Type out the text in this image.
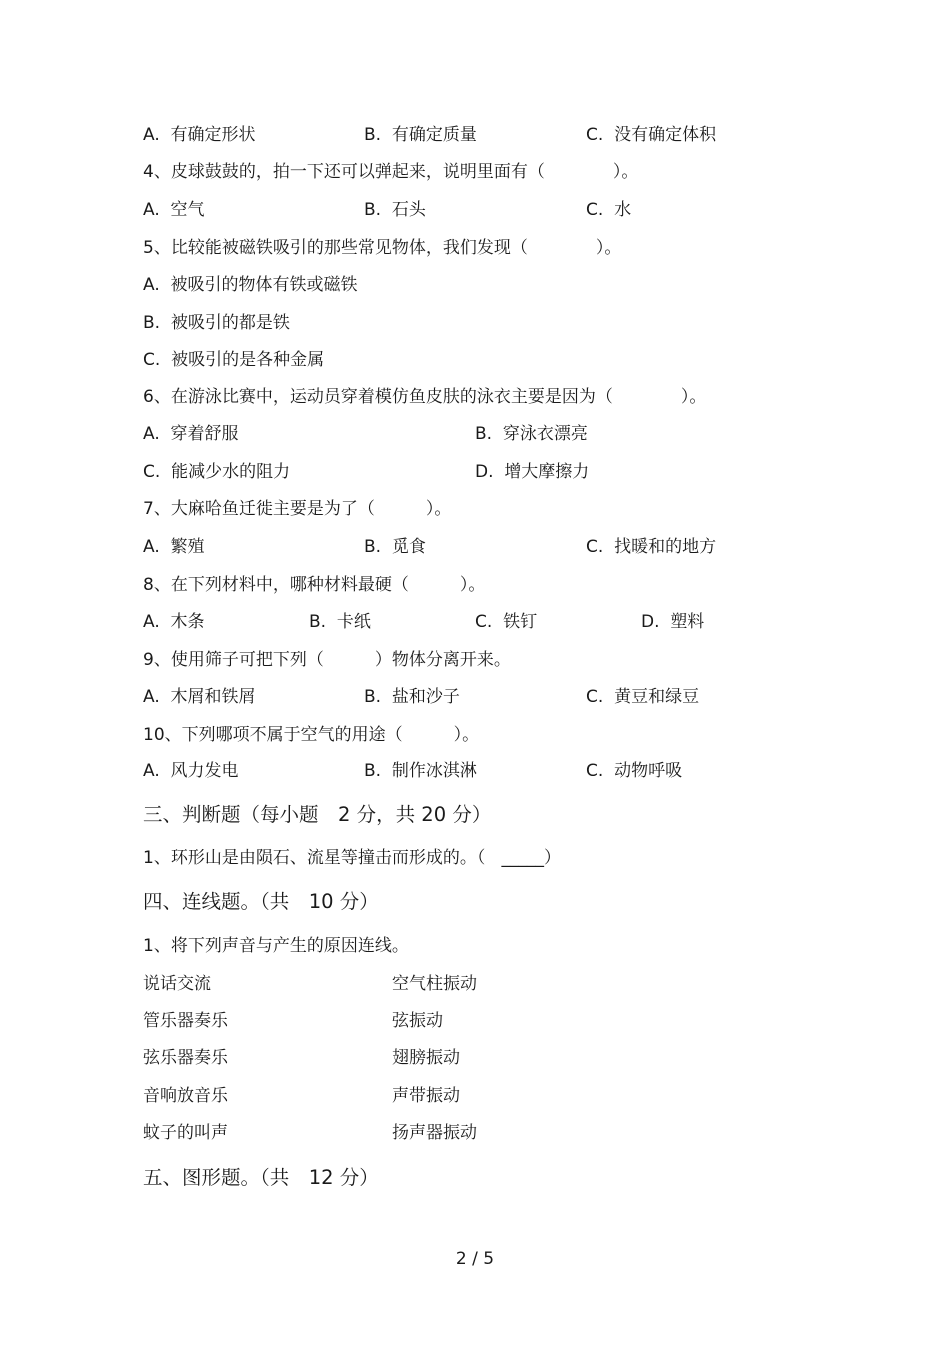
A. 有确定形状	B. 有确定质量	C. 没有确定体积
4、皮球鼓鼓的，拍一下还可以弹起来，说明里面有（　　　　）。
A. 空气	B. 石头	C. 水
5、比较能被磁铁吸引的那些常见物体，我们发现（　　　　）。
A. 被吸引的物体有铁或磁铁
B. 被吸引的都是铁
C. 被吸引的是各种金属
6、在游泳比赛中，运动员穿着模仿鱼皮肤的泳衣主要是因为（　　　　）。
A. 穿着舒服	B. 穿泳衣漂亮
C. 能减少水的阻力	D. 增大摩擦力
7、大麻哈鱼迁徙主要是为了（　　　）。
A. 繁殖	B. 觅食	C. 找暖和的地方
8、在下列材料中，哪种材料最硬（　　　）。
A. 木条	B. 卡纸	C. 铁钉	D. 塑料
9、使用筛子可把下列（　　　）物体分离开来。
A. 木屑和铁屑	B. 盐和沙子	C. 黄豆和绿豆
10、下列哪项不属于空气的用途（　　　）。
A. 风力发电	B. 制作冰淇淋	C. 动物呼吸
三、判断题（每小题　2 分，共 20 分）
1、环形山是由陨石、流星等撞击而形成的。（ _____）
四、连线题。（共　10 分）
1、将下列声音与产生的原因连线。
说话交流	空气柱振动
管乐器奏乐	弦振动
弦乐器奏乐	翅膀振动
音响放音乐	声带振动
蚊子的叫声	扬声器振动
五、图形题。（共　12 分）
2 / 5
